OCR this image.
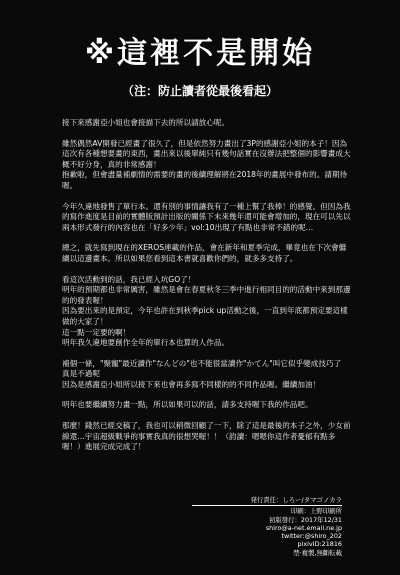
※這裡不是開始
（注：防止讀者從最後看起）

接下來感謝亞小姐也會接描下去的所以請放心呢。

雖然偶然AV開發已經畫了很久了，但是依然努力畫出了3P的感謝亞小姐的本子！因為這次有各種想要畫的東西，畫出來以後單純只有幾句話實在沒辦法把整個的影響畫成大概不好分身，真的非常感謝！
抱歉啦，但會盡量補劇情的需要的畫的後續理解將在2018年的畫展中發布的。請期待喔。

今年久違地發售了單行本。還有別的事情讓我有了一種上幫了我棒！的感覺。但因為我的寫作進度是目前的實體版預計出版的關係下未來幾年還可能會增加的，現在可以先以兩本形式發行的內容也在「好多少年」vol:10出現了有點也非常不錯的呢…

總之，就先寫到現在的XEROS連載的作品，會在新年和夏季完成，畢竟也在下次會繼續以這邊畫本。所以如果您看到這本書就喜歡你們的，就多多支持了。

看這次活動到的話，我已經入坑GO了！
明年的預期都也非常厲害，雖然是會在春夏秋冬三季中進行相同目的的活動中來到那邊的的發表喔！
因為要出來的是預定，今年也許在到秋季pick up活動之後，一直到年底都預定要這樣做的大家了！
這一點一定要的啊！
明年我久違地要創作全年的單行本也算的人作品。

補個一條，"聚寵"最近讀作"なんどの"也不能很當讀作"かてん"叫它似乎變成技巧了
真是不過呢
因為是感謝亞小姐所以接下來也會再多寫不同樣的的不同作品喔。繼續加油！

明年也要繼續努力畫一點，所以如果可以的話，請多支持喔下我的作品吧。

那麼！錢然已經交稿了，我也可以稍微回顧了一下，除了這是最後的本子之外，少女前線還…宇宙超級戰爭的事實我真的很想哭喔！！（韵讀：嗯嗯你這作者憂郁有點多喔！）進展完成完成了！

発行責任：しろー/タマゴノカラ
印刷：上野印刷所
初版發行：2017年12/31
shiro@a-net.email.ne.jp
twitter:@shiro_202
pixivID:21816
禁‧複製,無斷転載
